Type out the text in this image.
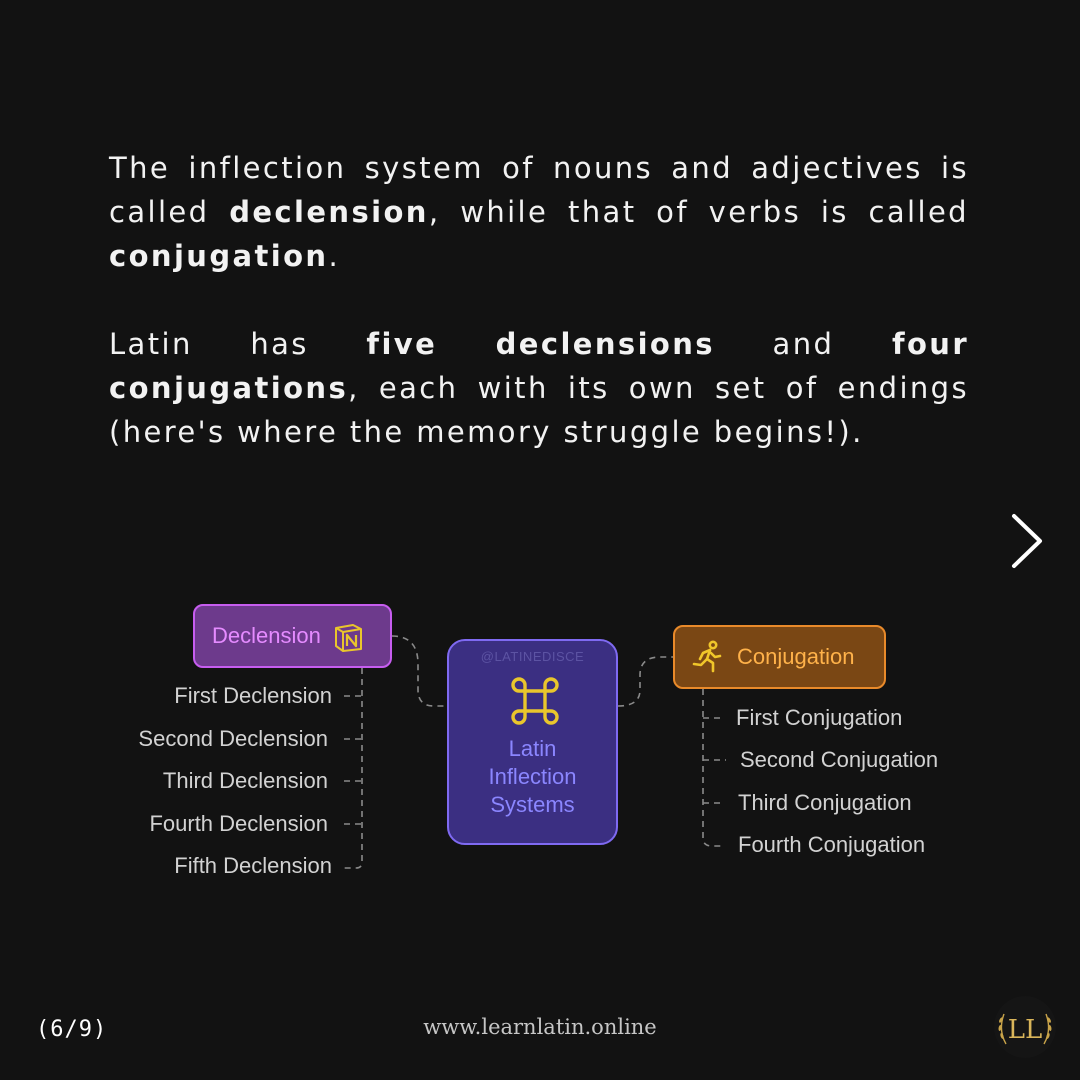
The inflection system of nouns and adjectives is called declension, while that of verbs is called conjugation.

Latin has five declensions and four conjugations, each with its own set of endings (here's where the memory struggle begins!).

Declension
@LATINEDISCE
Latin
Inflection
Systems
Conjugation
First Declension
Second Declension
Third Declension
Fourth Declension
Fifth Declension
First Conjugation
Second Conjugation
Third Conjugation
Fourth Conjugation
(6/9)	www.learnlatin.online	LL
